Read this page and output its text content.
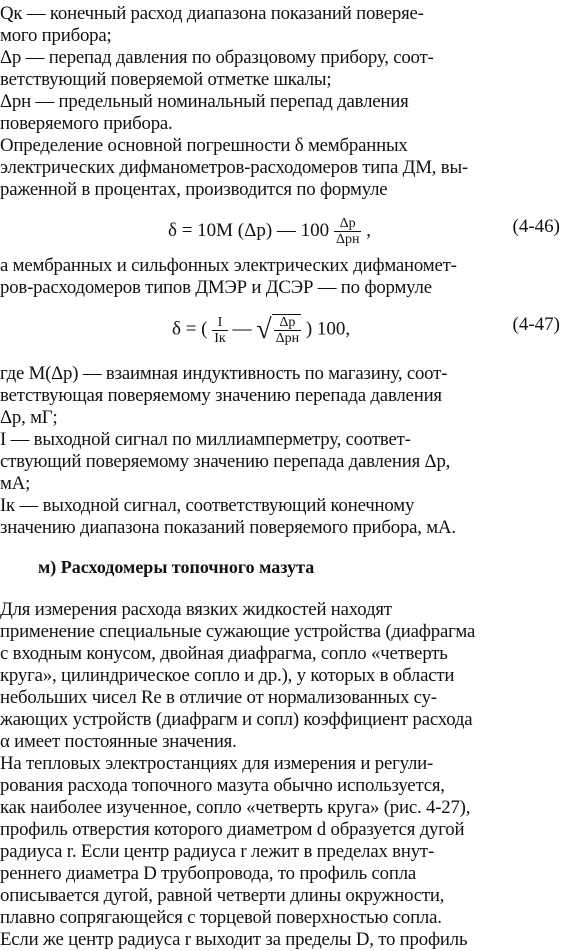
Qк — конечный расход диапазона показаний поверяе-
мого прибора;
Δp — перепад давления по образцовому прибору, соот-
ветствующий поверяемой отметке шкалы;
Δpн — предельный номинальный перепад давления
поверяемого прибора.
Определение основной погрешности δ мембранных
электрических дифманометров-расходомеров типа ДМ, вы-
раженной в процентах, производится по формуле
δ = 10M (Δp) — $100 \frac{\Delta p}{\text{Δpн}}$ ,	(4-46)
а мембранных и сильфонных электрических дифманомет-
ров-расходомеров типов ДМЭР и ДСЭР — по формуле
δ = ( $\frac{I}{Iк}$ — √ $\frac{\Delta p}{\text{Δpн}}$ ) 100,	(4-47)
где M(Δp) — взаимная индуктивность по магазину, соот-
ветствующая поверяемому значению перепада давления
Δp, мГ;
I — выходной сигнал по миллиамперметру, соответ-
ствующий поверяемому значению перепада давления Δp,
мА;
Iк — выходной сигнал, соответствующий конечному
значению диапазона показаний поверяемого прибора, мА.
м) Расходомеры топочного мазута
Для измерения расхода вязких жидкостей находят
применение специальные сужающие устройства (диафрагма
с входным конусом, двойная диафрагма, сопло «четверть
круга», цилиндрическое сопло и др.), у которых в области
небольших чисел Re в отличие от нормализованных су-
жающих устройств (диафрагм и сопл) коэффициент расхода
α имеет постоянные значения.
На тепловых электростанциях для измерения и регули-
рования расхода топочного мазута обычно используется,
как наиболее изученное, сопло «четверть круга» (рис. 4-27),
профиль отверстия которого диаметром d образуется дугой
радиуса r. Если центр радиуса r лежит в пределах внут-
реннего диаметра D трубопровода, то профиль сопла
описывается дугой, равной четверти длины окружности,
плавно сопрягающейся с торцевой поверхностью сопла.
Если же центр радиуса r выходит за пределы D, то профиль
